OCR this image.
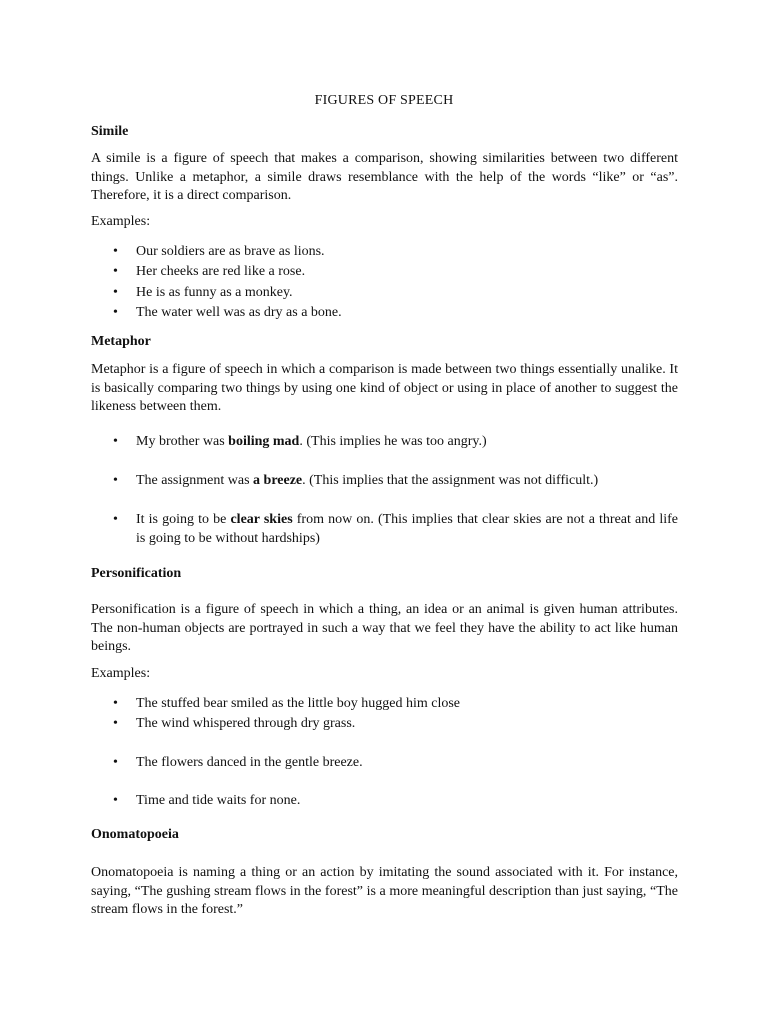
FIGURES OF SPEECH
Simile
A simile is a figure of speech that makes a comparison, showing similarities between two different things. Unlike a metaphor, a simile draws resemblance with the help of the words “like” or “as”. Therefore, it is a direct comparison.
Examples:
•	Our soldiers are as brave as lions.
•	Her cheeks are red like a rose.
•	He is as funny as a monkey.
•	The water well was as dry as a bone.
Metaphor
Metaphor is a figure of speech in which a comparison is made between two things essentially unalike. It is basically comparing two things by using one kind of object or using in place of another to suggest the likeness between them.
•	My brother was boiling mad. (This implies he was too angry.)
•	The assignment was a breeze. (This implies that the assignment was not difficult.)
•	It is going to be clear skies from now on. (This implies that clear skies are not a threat and life is going to be without hardships)
Personification
Personification is a figure of speech in which a thing, an idea or an animal is given human attributes. The non-human objects are portrayed in such a way that we feel they have the ability to act like human beings.
Examples:
•	The stuffed bear smiled as the little boy hugged him close
•	The wind whispered through dry grass.
•	The flowers danced in the gentle breeze.
•	Time and tide waits for none.
Onomatopoeia
Onomatopoeia is naming a thing or an action by imitating the sound associated with it. For instance, saying, “The gushing stream flows in the forest” is a more meaningful description than just saying, “The stream flows in the forest.”
